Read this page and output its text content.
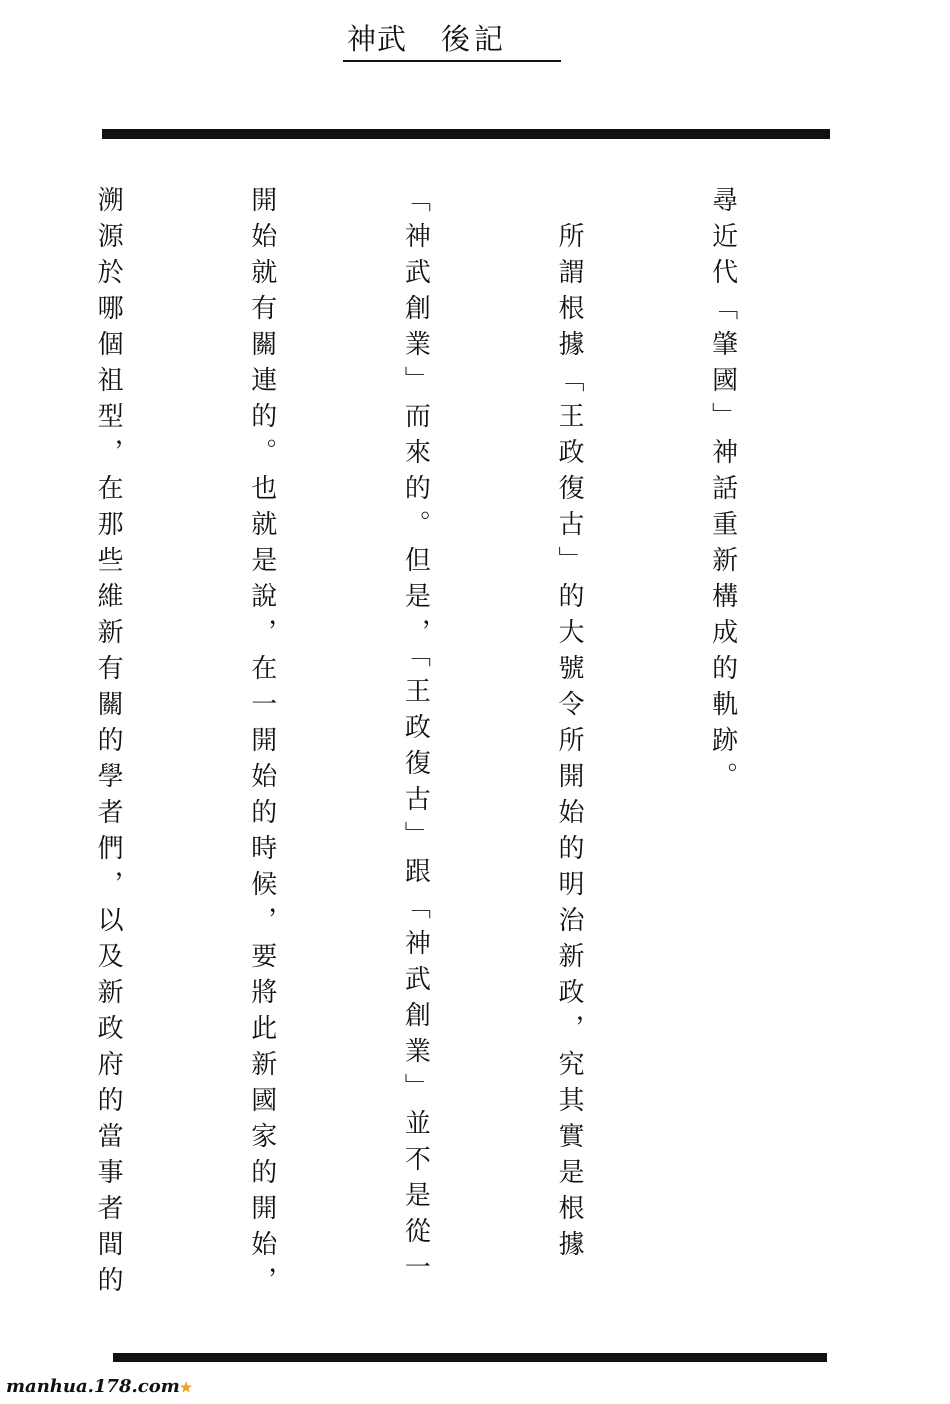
神武 後記

尋近代「肇國」神話重新構成的軌跡。

　所謂根據「王政復古」的大號令所開始的明治新政，究其實是根據

「神武創業」而來的。但是，「王政復古」跟「神武創業」並不是從一

開始就有關連的。也就是說，在一開始的時候，要將此新國家的開始，

溯源於哪個祖型，在那些維新有關的學者們，以及新政府的當事者間的

manhua.178.com★
